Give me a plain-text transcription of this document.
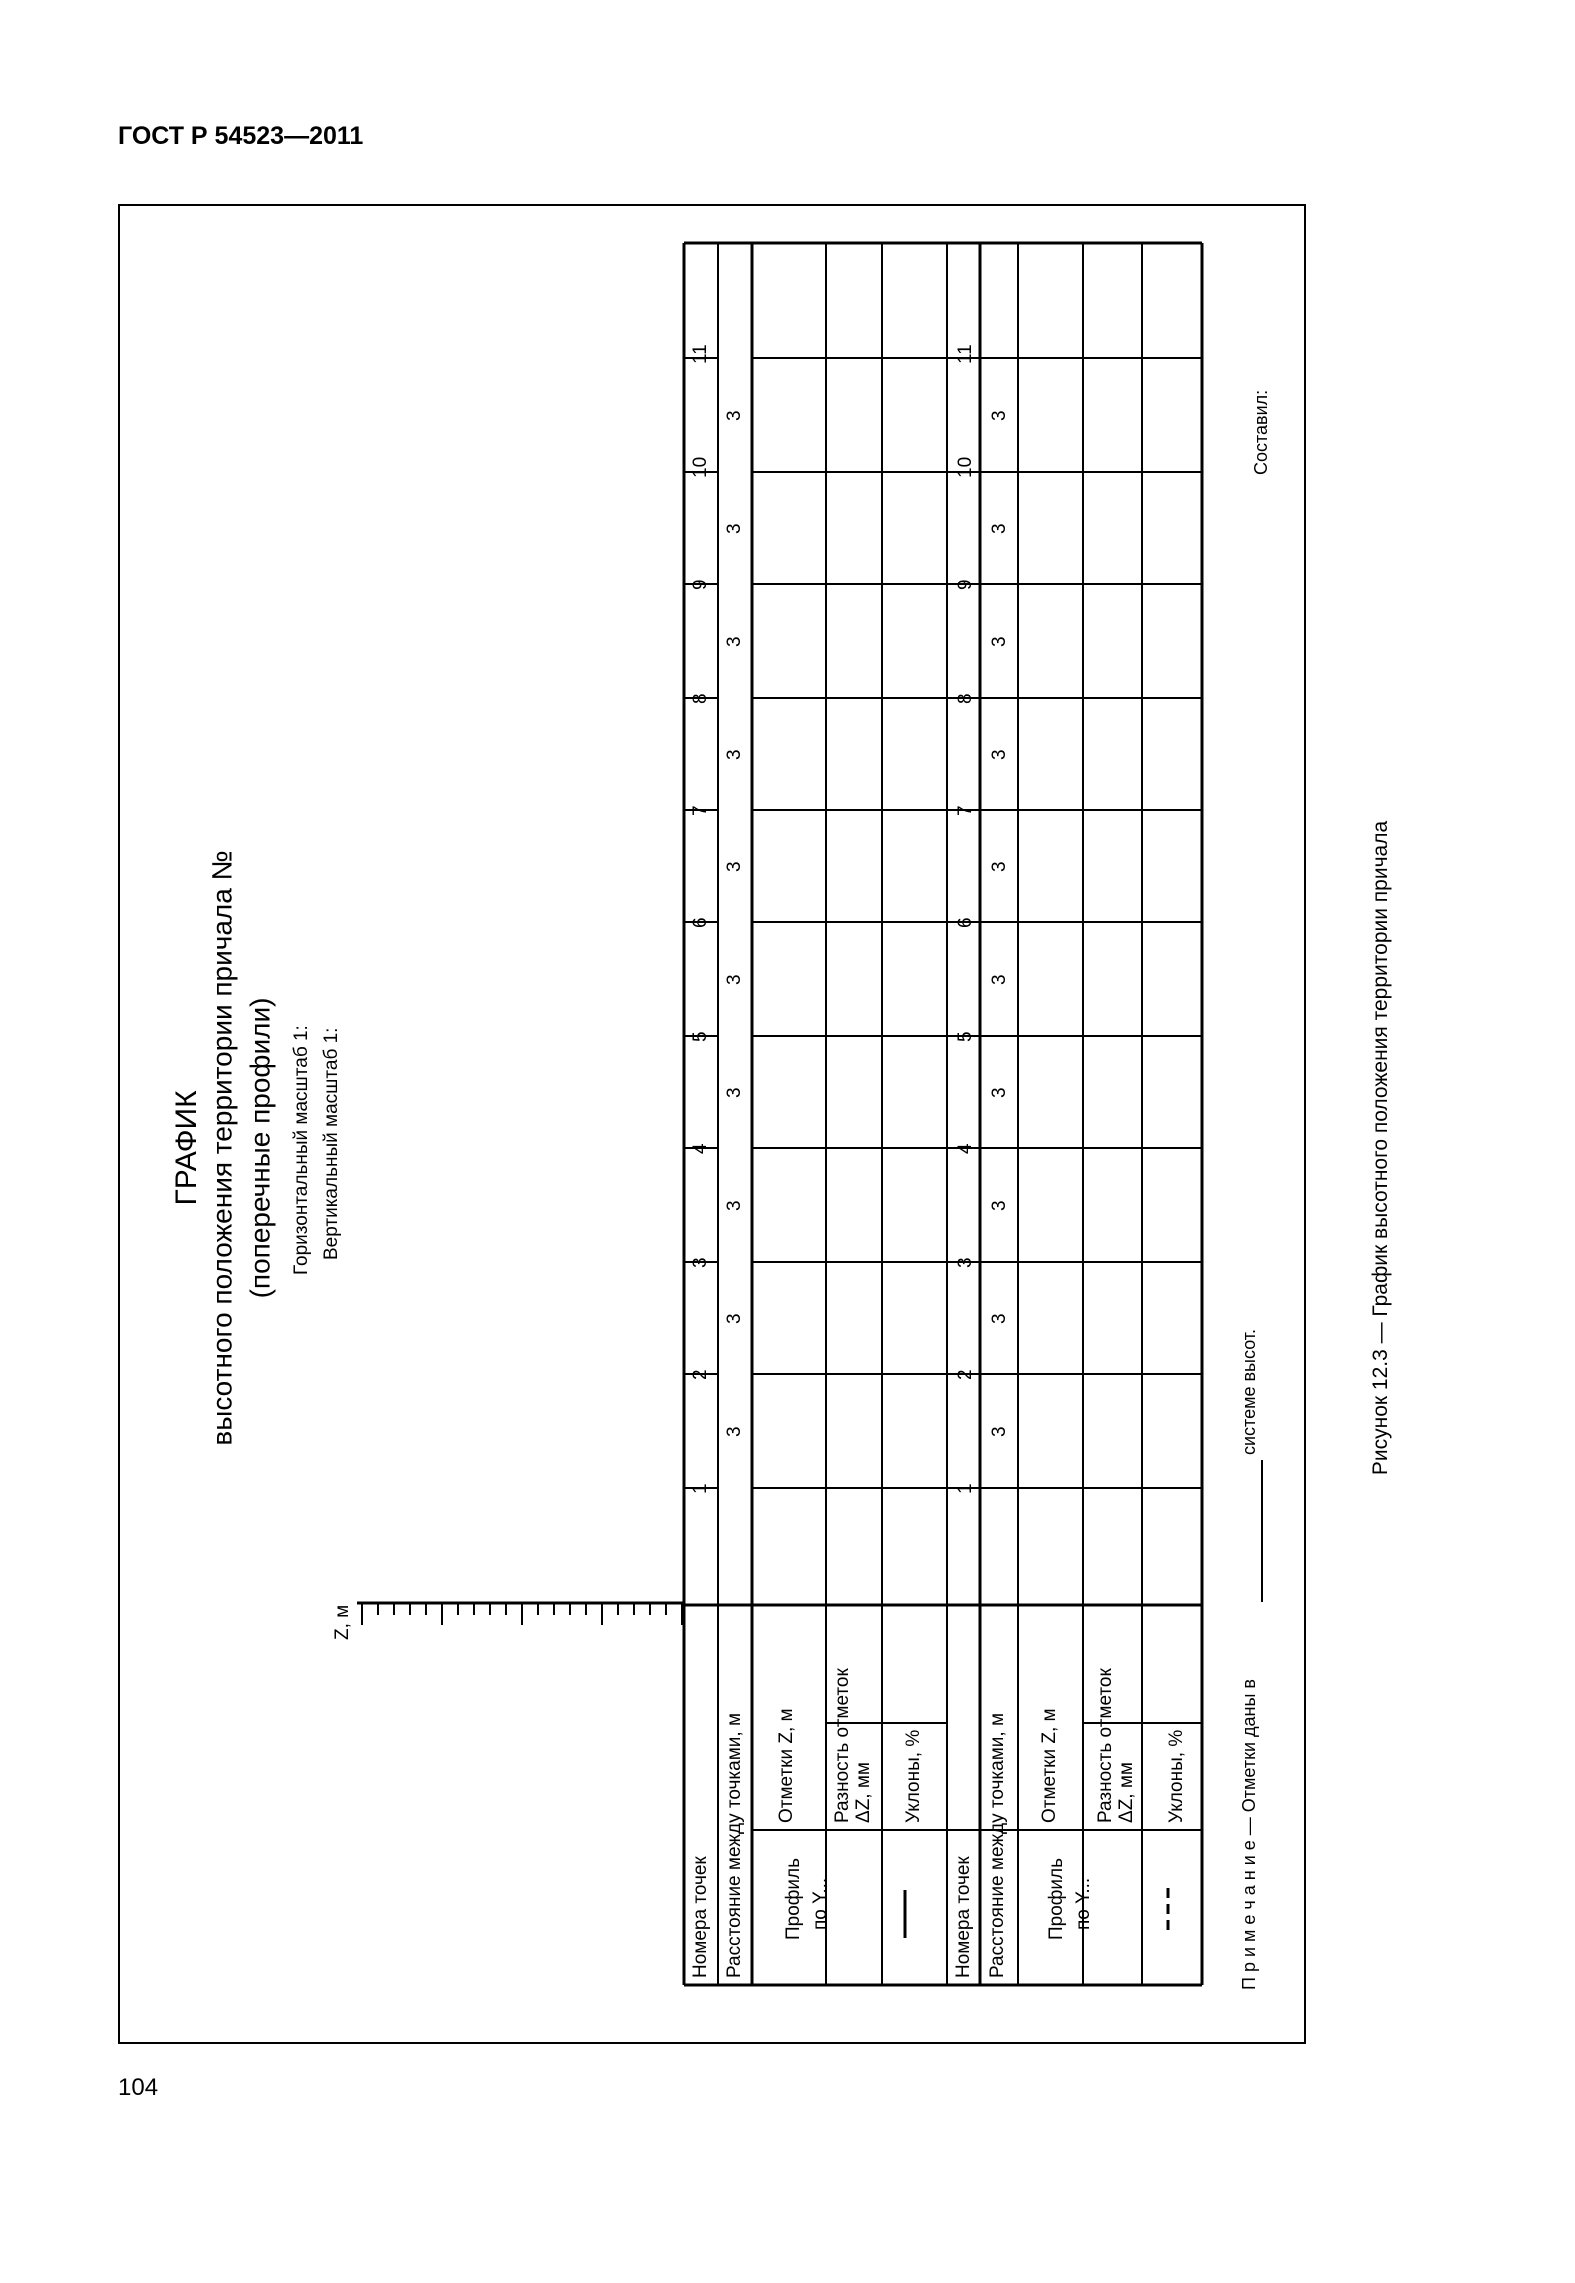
ГОСТ Р 54523—2011
ГРАФИК высотного положения территории причала № (поперечные профили) Горизонтальный масштаб 1: Вертикальный масштаб 1:
Z, м
Номера точек Расстояние между точками, м Профиль по Y...
Отметки Z, м Разность отметок ΔZ, мм Уклоны, %
Номера точек Расстояние между точками, м Профиль по Y...
Отметки Z, м Разность отметок ΔZ, мм Уклоны, %
1
2
3
4
5
6
7
8
9
10
11
3
3
3
3
3
3
3
3
3
3
1
2
3
4
5
6
7
8
9
10
11
3
3
3
3
3
3
3
3
3
3
П р и м е ч а н и е — Отметки даны в
системе высот.
Составил:
Рисунок 12.3 — График высотного положения территории причала
104
